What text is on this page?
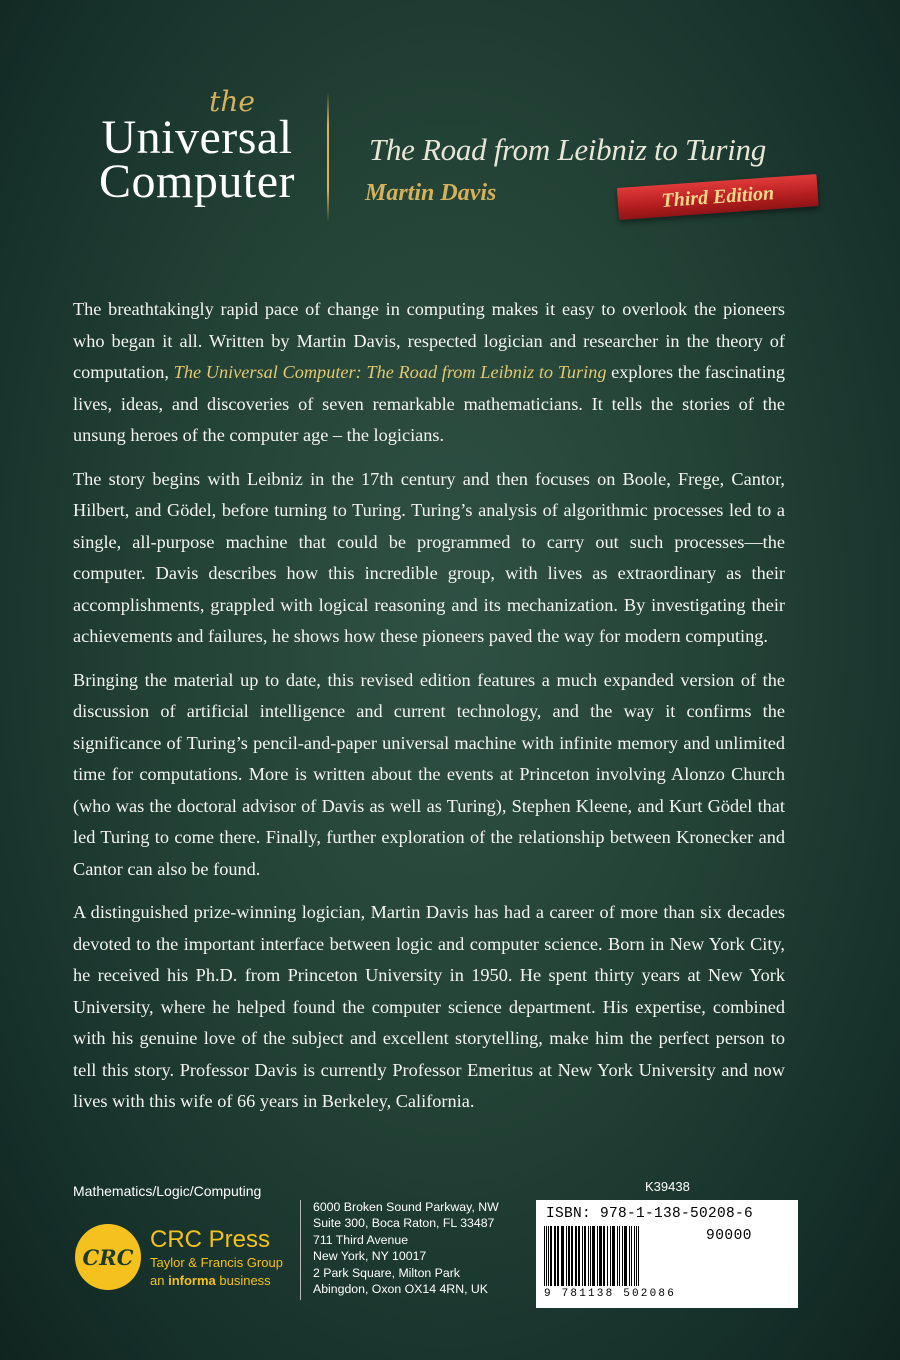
the
Universal
Computer
The Road from Leibniz to Turing
Martin Davis	Third Edition

The breathtakingly rapid pace of change in computing makes it easy to overlook the pioneers who began it all. Written by Martin Davis, respected logician and researcher in the theory of computation, The Universal Computer: The Road from Leibniz to Turing explores the fascinating lives, ideas, and discoveries of seven remarkable mathematicians. It tells the stories of the unsung heroes of the computer age – the logicians.

The story begins with Leibniz in the 17th century and then focuses on Boole, Frege, Cantor, Hilbert, and Gödel, before turning to Turing. Turing’s analysis of algorithmic processes led to a single, all-purpose machine that could be programmed to carry out such processes—the computer. Davis describes how this incredible group, with lives as extraordinary as their accomplishments, grappled with logical reasoning and its mechanization. By investigating their achievements and failures, he shows how these pioneers paved the way for modern computing.

Bringing the material up to date, this revised edition features a much expanded version of the discussion of artificial intelligence and current technology, and the way it confirms the significance of Turing’s pencil-and-paper universal machine with infinite memory and unlimited time for computations. More is written about the events at Princeton involving Alonzo Church (who was the doctoral advisor of Davis as well as Turing), Stephen Kleene, and Kurt Gödel that led Turing to come there. Finally, further exploration of the relationship between Kronecker and Cantor can also be found.

A distinguished prize-winning logician, Martin Davis has had a career of more than six decades devoted to the important interface between logic and computer science. Born in New York City, he received his Ph.D. from Princeton University in 1950. He spent thirty years at New York University, where he helped found the computer science department. His expertise, combined with his genuine love of the subject and excellent storytelling, make him the perfect person to tell this story. Professor Davis is currently Professor Emeritus at New York University and now lives with this wife of 66 years in Berkeley, California.

Mathematics/Logic/Computing
CRC
CRC Press
Taylor & Francis Group
an informa business
6000 Broken Sound Parkway, NW
Suite 300, Boca Raton, FL 33487
711 Third Avenue
New York, NY 10017
2 Park Square, Milton Park
Abingdon, Oxon OX14 4RN, UK
K39438
ISBN: 978-1-138-50208-6
90000
9 781138 502086
